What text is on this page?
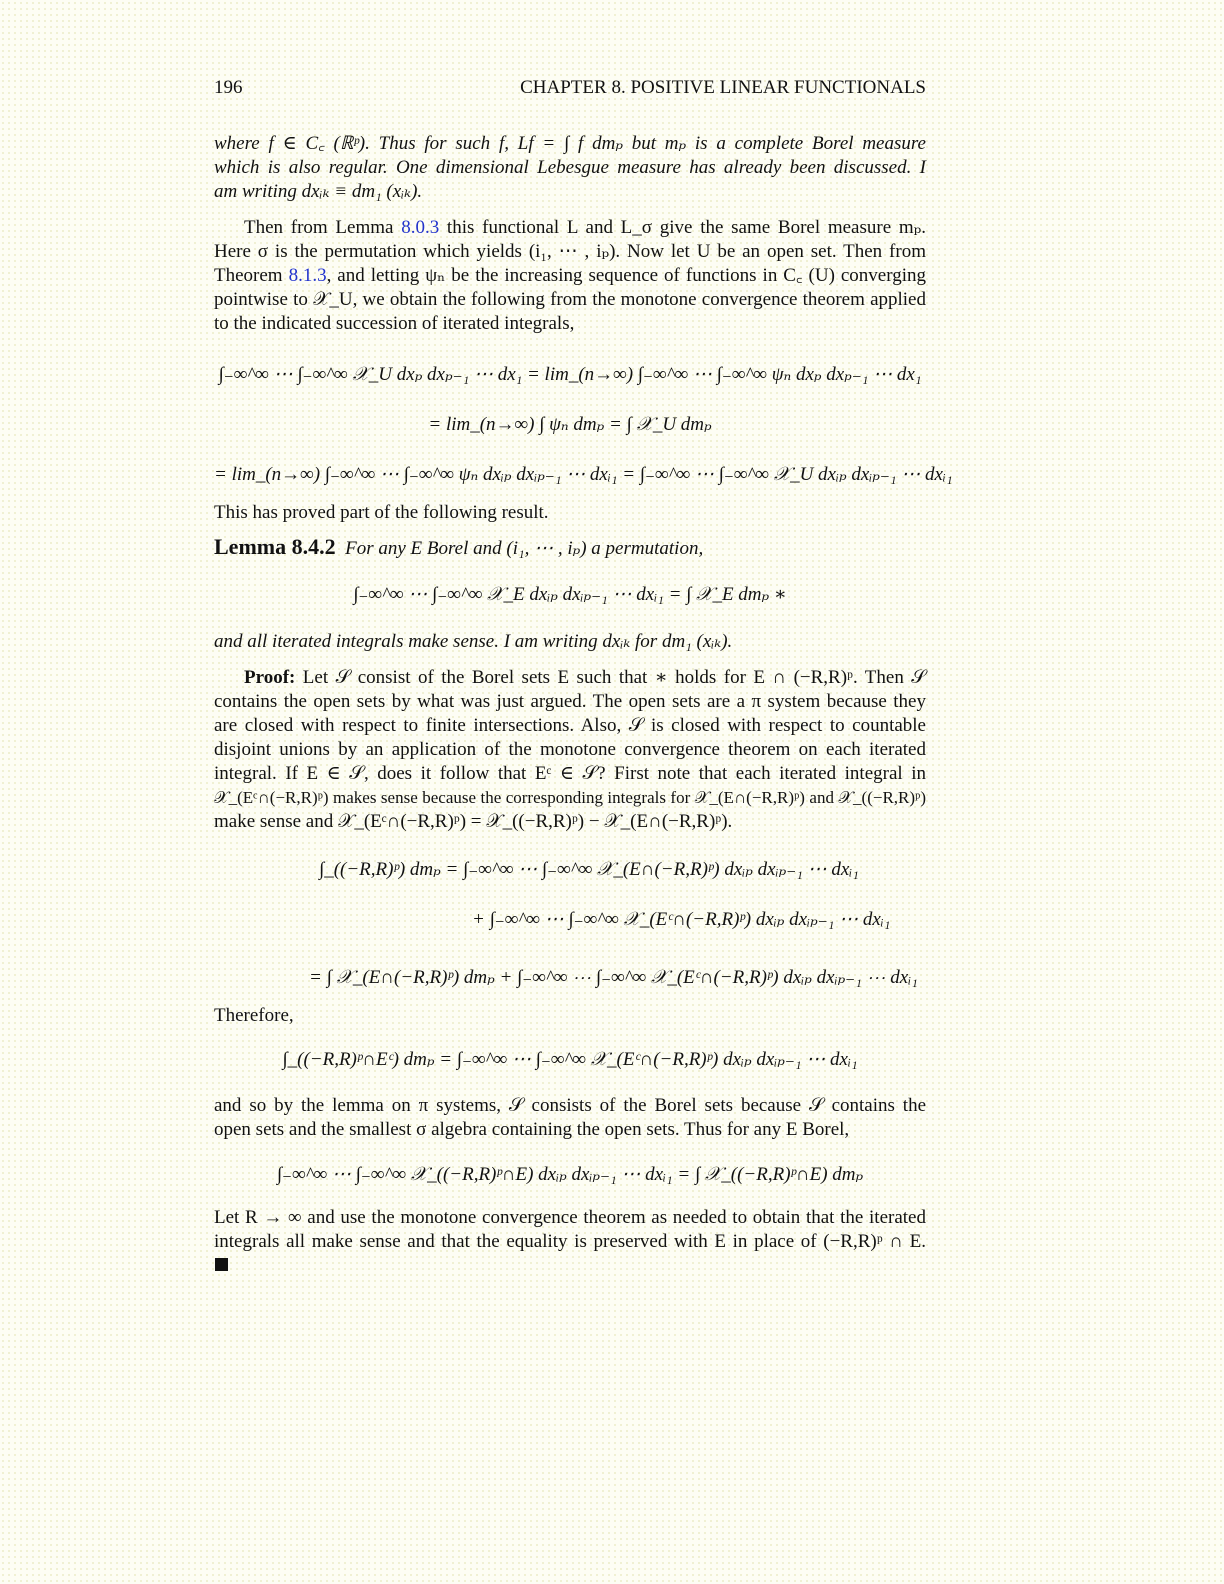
196	CHAPTER 8. POSITIVE LINEAR FUNCTIONALS
where f ∈ C꜀ (ℝᵖ). Thus for such f, Lf = ∫ f dmₚ but mₚ is a complete Borel measure
which is also regular. One dimensional Lebesgue measure has already been discussed. I
am writing dxᵢₖ ≡ dm₁ (xᵢₖ).
Then from Lemma 8.0.3 this functional L and L_σ give the same Borel measure mₚ.
Here σ is the permutation which yields (i₁, ⋯ , iₚ). Now let U be an open set. Then from
Theorem 8.1.3, and letting ψₙ be the increasing sequence of functions in C꜀ (U) converging
pointwise to 𝒳_U, we obtain the following from the monotone convergence theorem applied
to the indicated succession of iterated integrals,
∫₋∞^∞ ⋯ ∫₋∞^∞ 𝒳_U dxₚ dxₚ₋₁ ⋯ dx₁ = lim_(n→∞) ∫₋∞^∞ ⋯ ∫₋∞^∞ ψₙ dxₚ dxₚ₋₁ ⋯ dx₁
= lim_(n→∞) ∫ ψₙ dmₚ = ∫ 𝒳_U dmₚ
= lim_(n→∞) ∫₋∞^∞ ⋯ ∫₋∞^∞ ψₙ dxᵢₚ dxᵢₚ₋₁ ⋯ dxᵢ₁ = ∫₋∞^∞ ⋯ ∫₋∞^∞ 𝒳_U dxᵢₚ dxᵢₚ₋₁ ⋯ dxᵢ₁
This has proved part of the following result.
Lemma 8.4.2 For any E Borel and (i₁, ⋯ , iₚ) a permutation,
∫₋∞^∞ ⋯ ∫₋∞^∞ 𝒳_E dxᵢₚ dxᵢₚ₋₁ ⋯ dxᵢ₁ = ∫ 𝒳_E dmₚ ∗
and all iterated integrals make sense. I am writing dxᵢₖ for dm₁ (xᵢₖ).
Proof: Let 𝒮 consist of the Borel sets E such that ∗ holds for E ∩ (−R,R)ᵖ. Then 𝒮
contains the open sets by what was just argued. The open sets are a π system because they
are closed with respect to finite intersections. Also, 𝒮 is closed with respect to countable
disjoint unions by an application of the monotone convergence theorem on each iterated
integral. If E ∈ 𝒮, does it follow that Eᶜ ∈ 𝒮? First note that each iterated integral in
𝒳_(Eᶜ∩(−R,R)ᵖ) makes sense because the corresponding integrals for 𝒳_(E∩(−R,R)ᵖ) and 𝒳_((−R,R)ᵖ)
make sense and 𝒳_(Eᶜ∩(−R,R)ᵖ) = 𝒳_((−R,R)ᵖ) − 𝒳_(E∩(−R,R)ᵖ).
∫_((−R,R)ᵖ) dmₚ = ∫₋∞^∞ ⋯ ∫₋∞^∞ 𝒳_(E∩(−R,R)ᵖ) dxᵢₚ dxᵢₚ₋₁ ⋯ dxᵢ₁
+ ∫₋∞^∞ ⋯ ∫₋∞^∞ 𝒳_(Eᶜ∩(−R,R)ᵖ) dxᵢₚ dxᵢₚ₋₁ ⋯ dxᵢ₁
= ∫ 𝒳_(E∩(−R,R)ᵖ) dmₚ + ∫₋∞^∞ ⋯ ∫₋∞^∞ 𝒳_(Eᶜ∩(−R,R)ᵖ) dxᵢₚ dxᵢₚ₋₁ ⋯ dxᵢ₁
Therefore,
∫_((−R,R)ᵖ∩Eᶜ) dmₚ = ∫₋∞^∞ ⋯ ∫₋∞^∞ 𝒳_(Eᶜ∩(−R,R)ᵖ) dxᵢₚ dxᵢₚ₋₁ ⋯ dxᵢ₁
and so by the lemma on π systems, 𝒮 consists of the Borel sets because 𝒮 contains the
open sets and the smallest σ algebra containing the open sets. Thus for any E Borel,
∫₋∞^∞ ⋯ ∫₋∞^∞ 𝒳_((−R,R)ᵖ∩E) dxᵢₚ dxᵢₚ₋₁ ⋯ dxᵢ₁ = ∫ 𝒳_((−R,R)ᵖ∩E) dmₚ
Let R → ∞ and use the monotone convergence theorem as needed to obtain that the iterated
integrals all make sense and that the equality is preserved with E in place of (−R,R)ᵖ ∩ E.
